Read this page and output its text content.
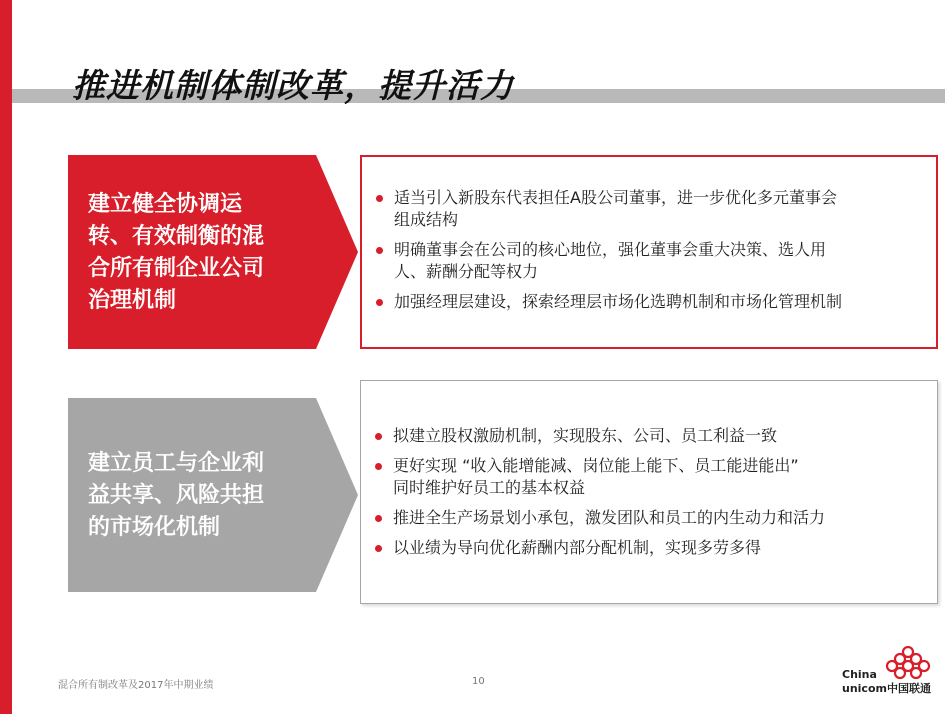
推进机制体制改革，提升活力
建立健全协调运
转、有效制衡的混
合所有制企业公司
治理机制
适当引入新股东代表担任A股公司董事，进一步优化多元董事会
组成结构
明确董事会在公司的核心地位，强化董事会重大决策、选人用
人、薪酬分配等权力
加强经理层建设，探索经理层市场化选聘机制和市场化管理机制
建立员工与企业利
益共享、风险共担
的市场化机制
拟建立股权激励机制，实现股东、公司、员工利益一致
更好实现 “收入能增能减、岗位能上能下、员工能进能出”
同时维护好员工的基本权益
推进全生产场景划小承包，激发团队和员工的内生动力和活力
以业绩为导向优化薪酬内部分配机制，实现多劳多得
混合所有制改革及2017年中期业绩	10
China
unicom中国联通
